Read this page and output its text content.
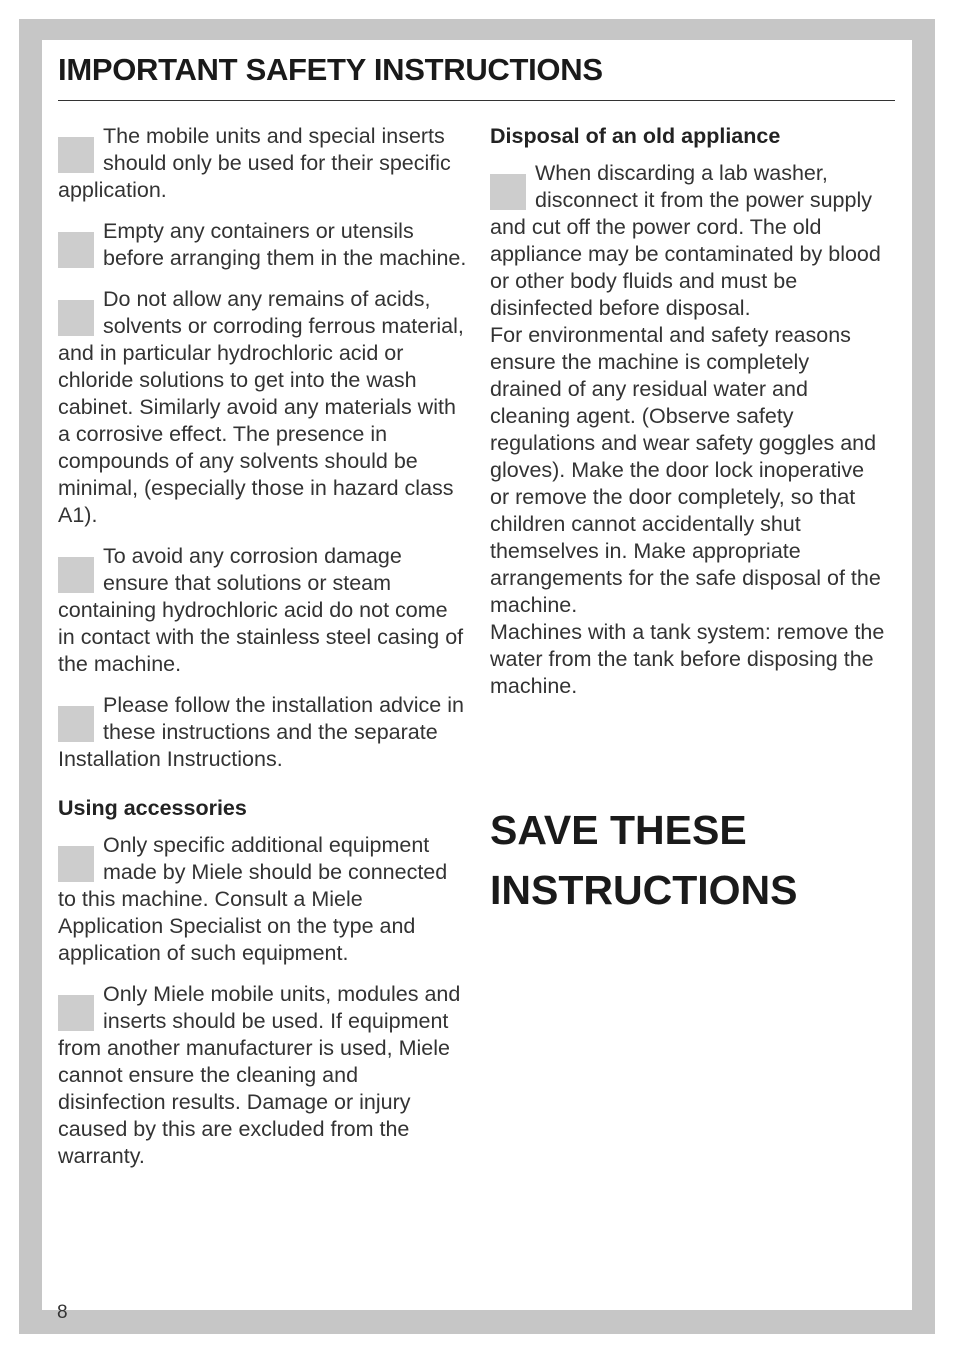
IMPORTANT SAFETY INSTRUCTIONS

The mobile units and special inserts should only be used for their specific application.

Empty any containers or utensils before arranging them in the machine.

Do not allow any remains of acids, solvents or corroding ferrous material, and in particular hydrochloric acid or chloride solutions to get into the wash cabinet. Similarly avoid any materials with a corrosive effect. The presence in compounds of any solvents should be minimal, (especially those in hazard class A1).

To avoid any corrosion damage ensure that solutions or steam containing hydrochloric acid do not come in contact with the stainless steel casing of the machine.

Please follow the installation advice in these instructions and the separate Installation Instructions.

Using accessories

Only specific additional equipment made by Miele should be connected to this machine. Consult a Miele Application Specialist on the type and application of such equipment.

Only Miele mobile units, modules and inserts should be used. If equipment from another manufacturer is used, Miele cannot ensure the cleaning and disinfection results. Damage or injury caused by this are excluded from the warranty.

Disposal of an old appliance

When discarding a lab washer, disconnect it from the power supply and cut off the power cord. The old appliance may be contaminated by blood or other body fluids and must be disinfected before disposal.

For environmental and safety reasons ensure the machine is completely drained of any residual water and cleaning agent. (Observe safety regulations and wear safety goggles and gloves). Make the door lock inoperative or remove the door completely, so that children cannot accidentally shut themselves in. Make appropriate arrangements for the safe disposal of the machine.

Machines with a tank system: remove the water from the tank before disposing the machine.

SAVE THESE
INSTRUCTIONS
8
